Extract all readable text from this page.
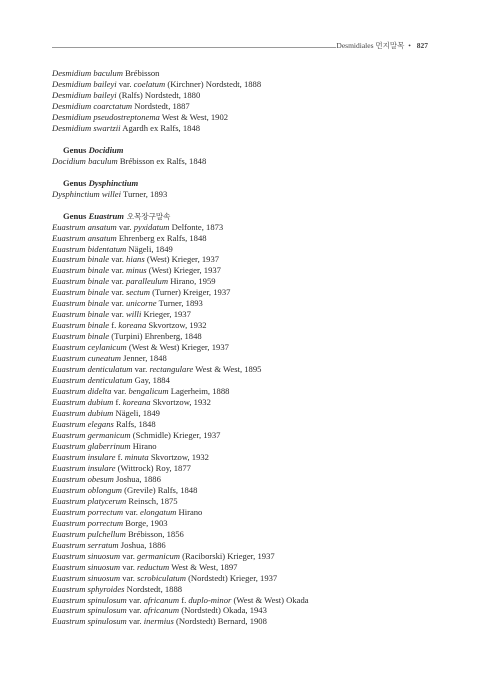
Desmidiales 먼지말목 • 827
Desmidium baculum Brébisson
Desmidium baileyi var. coelatum (Kirchner) Nordstedt, 1888
Desmidium baileyi (Ralfs) Nordstedt, 1880
Desmidium coarctatum Nordstedt, 1887
Desmidium pseudostreptonema West & West, 1902
Desmidium swartzii Agardh ex Ralfs, 1848
Genus Docidium
Docidium baculum Brébisson ex Ralfs, 1848
Genus Dysphinctium
Dysphinctium willei Turner, 1893
Genus Euastrum 오목장구말속
Euastrum ansatum var. pyxidatum Delfonte, 1873
Euastrum ansatum Ehrenberg ex Ralfs, 1848
Euastrum bidentatum Nägeli, 1849
Euastrum binale var. hians (West) Krieger, 1937
Euastrum binale var. minus (West) Krieger, 1937
Euastrum binale var. paralleulum Hirano, 1959
Euastrum binale var. sectum (Turner) Kreiger, 1937
Euastrum binale var. unicorne Turner, 1893
Euastrum binale var. willi Krieger, 1937
Euastrum binale f. koreana Skvortzow, 1932
Euastrum binale (Turpini) Ehrenberg, 1848
Euastrum ceylanicum (West & West) Krieger, 1937
Euastrum cuneatum Jenner, 1848
Euastrum denticulatum var. rectangulare West & West, 1895
Euastrum denticulatum Gay, 1884
Euastrum didelta var. bengalicum Lagerheim, 1888
Euastrum dubium f. koreana Skvortzow, 1932
Euastrum dubium Nägeli, 1849
Euastrum elegans Ralfs, 1848
Euastrum germanicum (Schmidle) Krieger, 1937
Euastrum glaberrinum Hirano
Euastrum insulare f. minuta Skvortzow, 1932
Euastrum insulare (Wittrock) Roy, 1877
Euastrum obesum Joshua, 1886
Euastrum oblongum (Grevile) Ralfs, 1848
Euastrum platycerum Reinsch, 1875
Euastrum porrectum var. elongatum Hirano
Euastrum porrectum Borge, 1903
Euastrum pulchellum Brébisson, 1856
Euastrum serratum Joshua, 1886
Euastrum sinuosum var. germanicum (Raciborski) Krieger, 1937
Euastrum sinuosum var. reductum West & West, 1897
Euastrum sinuosum var. scrobiculatum (Nordstedt) Krieger, 1937
Euastrum sphyroides Nordstedt, 1888
Euastrum spinulosum var. africanum f. duplo-minor (West & West) Okada
Euastrum spinulosum var. africanum (Nordstedt) Okada, 1943
Euastrum spinulosum var. inermius (Nordstedt) Bernard, 1908
